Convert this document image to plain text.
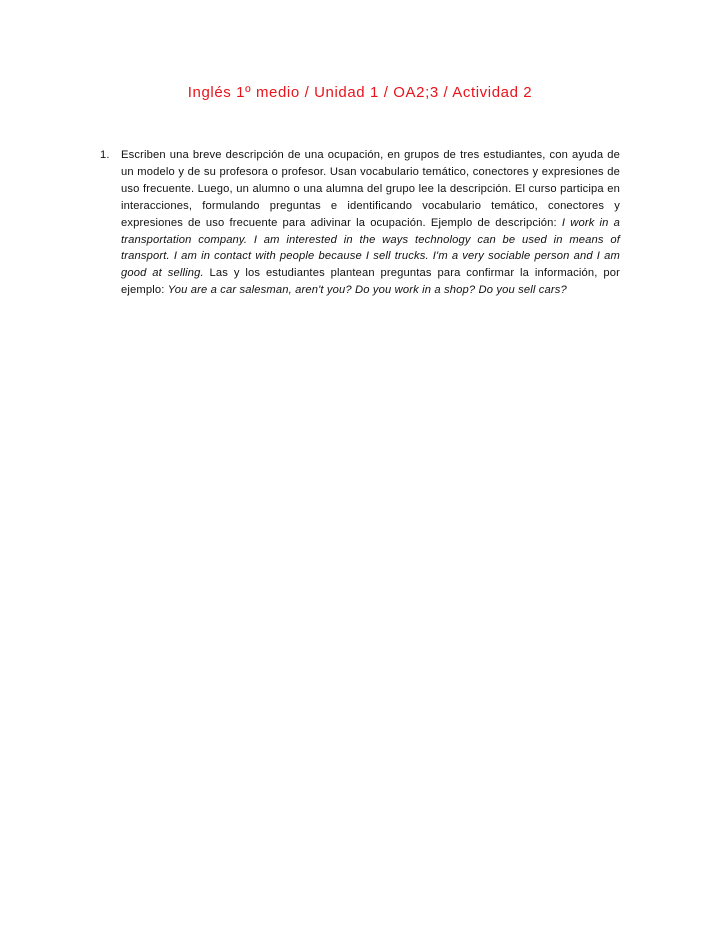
Inglés 1º medio / Unidad 1 / OA2;3 / Actividad 2
1. Escriben una breve descripción de una ocupación, en grupos de tres estudiantes, con ayuda de un modelo y de su profesora o profesor. Usan vocabulario temático, conectores y expresiones de uso frecuente. Luego, un alumno o una alumna del grupo lee la descripción. El curso participa en interacciones, formulando preguntas e identificando vocabulario temático, conectores y expresiones de uso frecuente para adivinar la ocupación. Ejemplo de descripción: I work in a transportation company. I am interested in the ways technology can be used in means of transport. I am in contact with people because I sell trucks. I'm a very sociable person and I am good at selling. Las y los estudiantes plantean preguntas para confirmar la información, por ejemplo: You are a car salesman, aren't you? Do you work in a shop? Do you sell cars?
